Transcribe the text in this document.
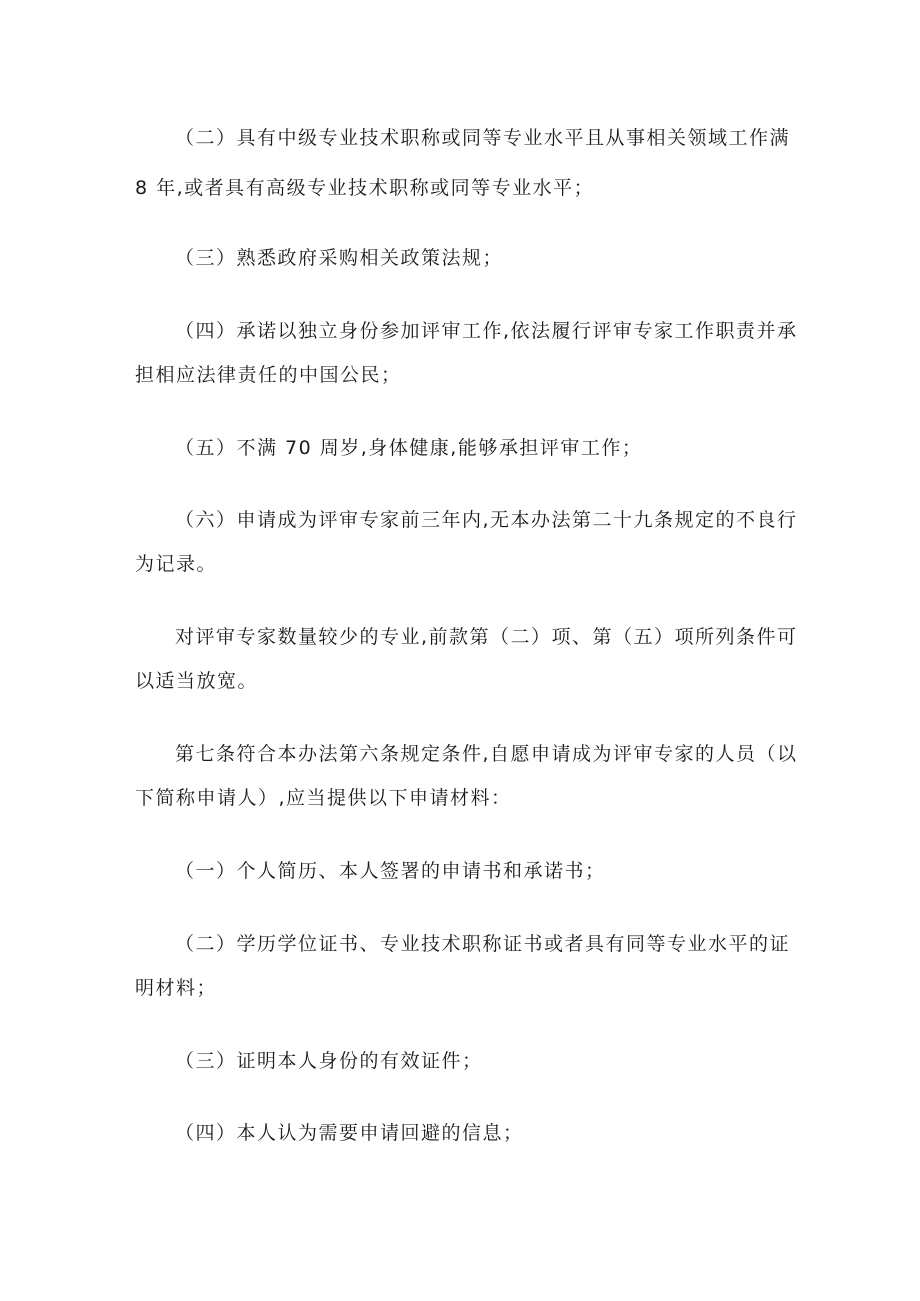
（二）具有中级专业技术职称或同等专业水平且从事相关领域工作满

8 年,或者具有高级专业技术职称或同等专业水平；

（三）熟悉政府采购相关政策法规；

（四）承诺以独立身份参加评审工作,依法履行评审专家工作职责并承

担相应法律责任的中国公民；

（五）不满 70 周岁,身体健康,能够承担评审工作；

（六）申请成为评审专家前三年内,无本办法第二十九条规定的不良行

为记录。

对评审专家数量较少的专业,前款第（二）项、第（五）项所列条件可

以适当放宽。

第七条符合本办法第六条规定条件,自愿申请成为评审专家的人员（以

下简称申请人）,应当提供以下申请材料：

（一）个人简历、本人签署的申请书和承诺书；

（二）学历学位证书、专业技术职称证书或者具有同等专业水平的证

明材料；

（三）证明本人身份的有效证件；

（四）本人认为需要申请回避的信息；
